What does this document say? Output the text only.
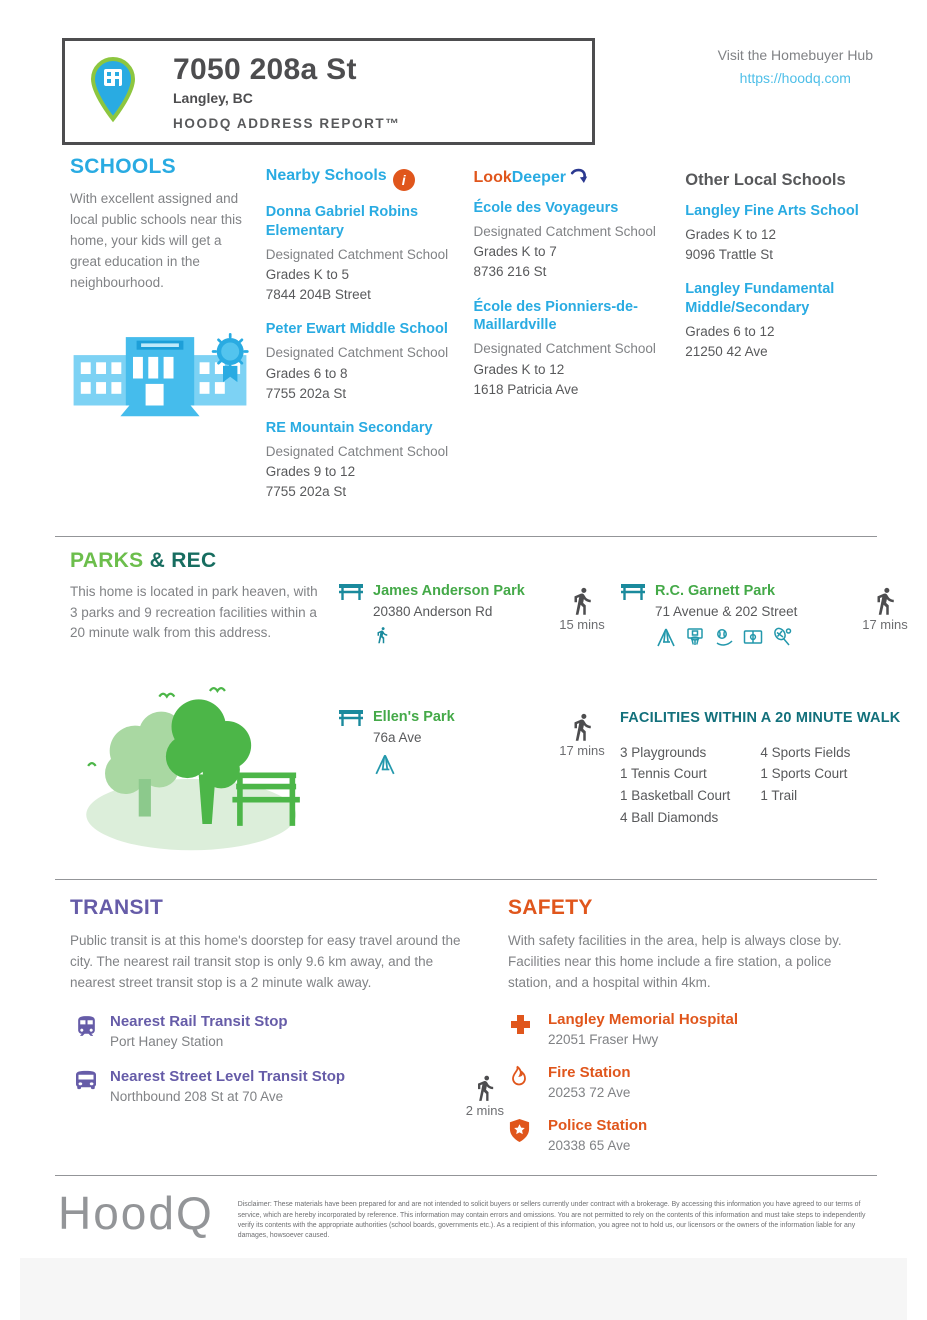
7050 208a St
Langley, BC
HOODQ ADDRESS REPORT™
Visit the Homebuyer Hub
https://hoodq.com
SCHOOLS
With excellent assigned and local public schools near this home, your kids will get a great education in the neighbourhood.
Nearby Schools i
Donna Gabriel Robins Elementary
Designated Catchment School
Grades K to 5
7844 204B Street
Peter Ewart Middle School
Designated Catchment School
Grades 6 to 8
7755 202a St
RE Mountain Secondary
Designated Catchment School
Grades 9 to 12
7755 202a St
LookDeeper
École des Voyageurs
Designated Catchment School
Grades K to 7
8736 216 St
École des Pionniers-de-Maillardville
Designated Catchment School
Grades K to 12
1618 Patricia Ave
Other Local Schools
Langley Fine Arts School
Grades K to 12
9096 Trattle St
Langley Fundamental Middle/Secondary
Grades 6 to 12
21250 42 Ave
PARKS & REC
This home is located in park heaven, with 3 parks and 9 recreation facilities within a 20 minute walk from this address.
James Anderson Park
20380 Anderson Rd
15 mins
R.C. Garnett Park
71 Avenue & 202 Street
17 mins
Ellen's Park
76a Ave
17 mins
FACILITIES WITHIN A 20 MINUTE WALK
3 Playgrounds
1 Tennis Court
1 Basketball Court
4 Ball Diamonds
4 Sports Fields
1 Sports Court
1 Trail
TRANSIT
Public transit is at this home's doorstep for easy travel around the city. The nearest rail transit stop is only 9.6 km away, and the nearest street transit stop is a 2 minute walk away.
Nearest Rail Transit Stop
Port Haney Station
Nearest Street Level Transit Stop
Northbound 208 St at 70 Ave
2 mins
SAFETY
With safety facilities in the area, help is always close by. Facilities near this home include a fire station, a police station, and a hospital within 4km.
Langley Memorial Hospital
22051 Fraser Hwy
Fire Station
20253 72 Ave
Police Station
20338 65 Ave
HoodQ	Disclaimer: These materials have been prepared for and are not intended to solicit buyers or sellers currently under contract with a brokerage. By accessing this information you have agreed to our terms of service, which are hereby incorporated by reference. This information may contain errors and omissions. You are not permitted to rely on the contents of this information and must take steps to independently verify its contents with the appropriate authorities (school boards, governments etc.). As a recipient of this information, you agree not to hold us, our licensors or the owners of the information liable for any damages, howsoever caused.
